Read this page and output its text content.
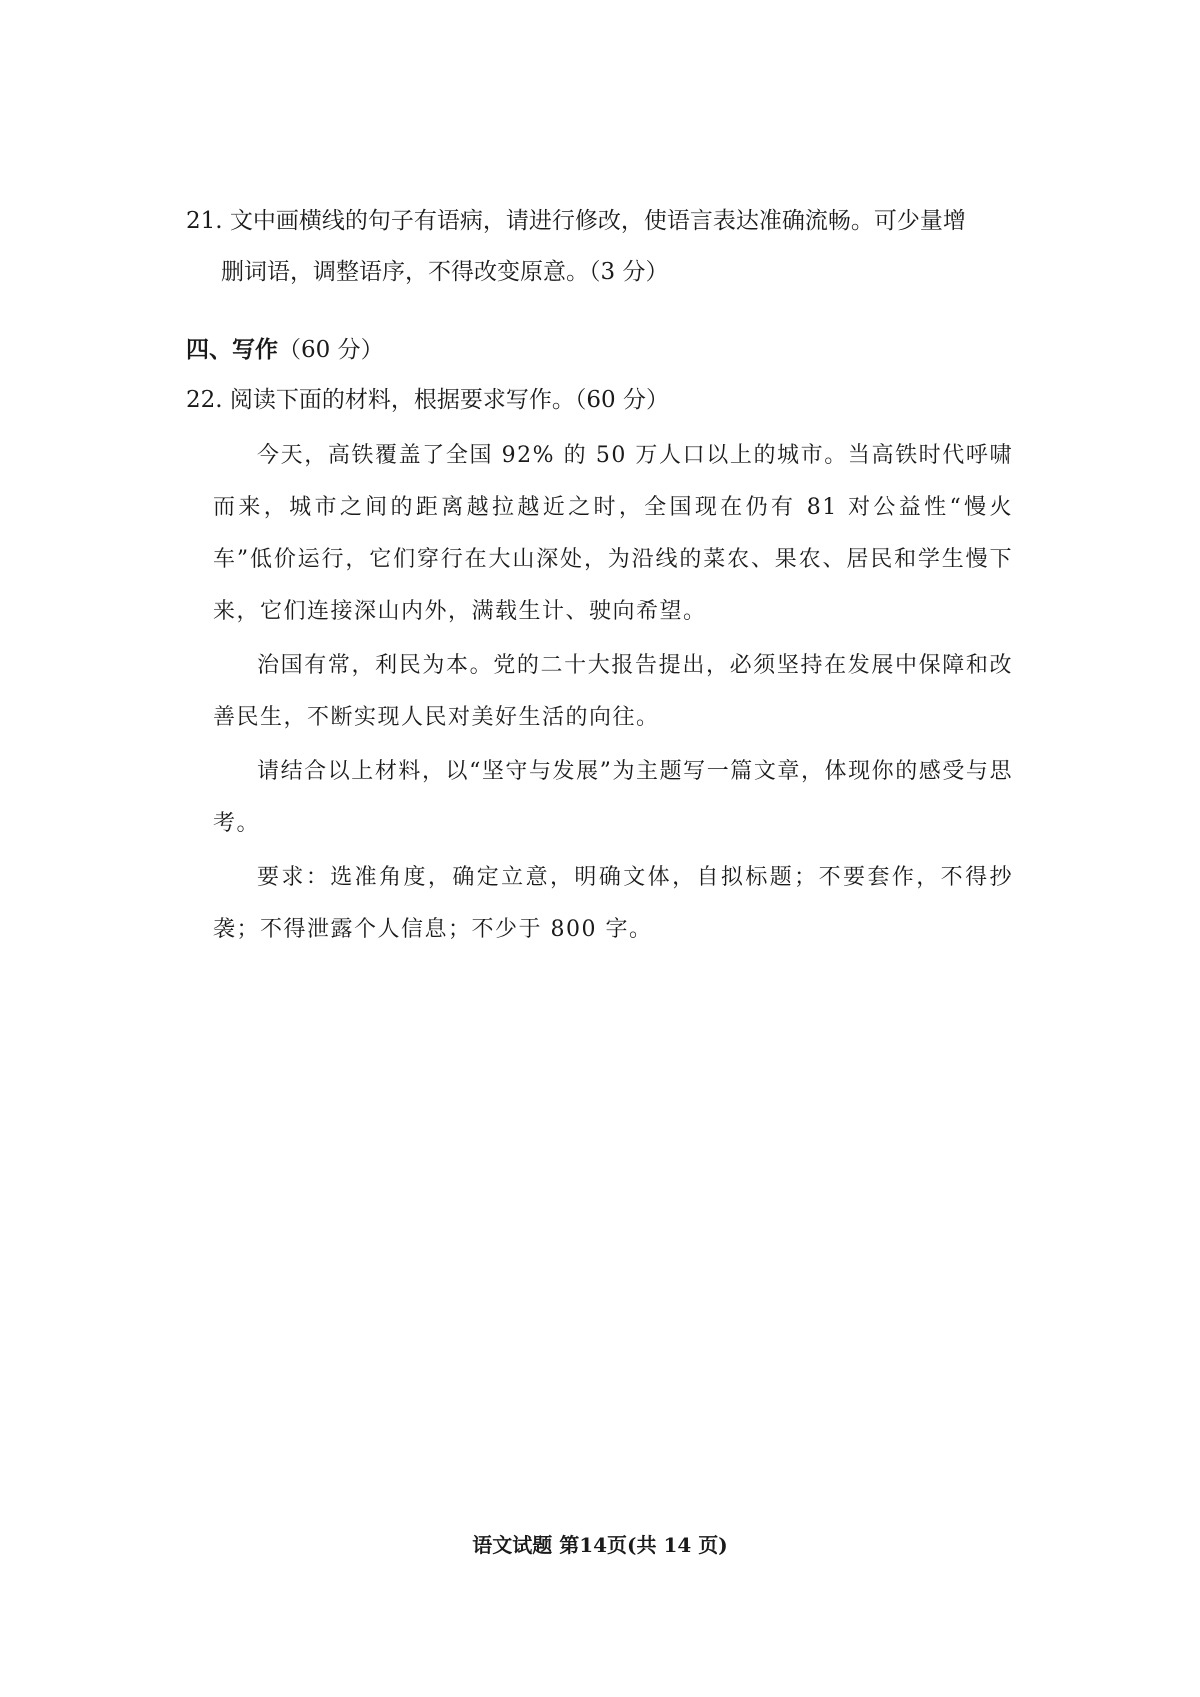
21. 文中画横线的句子有语病，请进行修改，使语言表达准确流畅。可少量增
删词语，调整语序，不得改变原意。（3 分）
四、写作（60 分）
22. 阅读下面的材料，根据要求写作。（60 分）

今天，高铁覆盖了全国 92% 的 50 万人口以上的城市。当高铁时代呼啸而来，城市之间的距离越拉越近之时，全国现在仍有 81 对公益性“慢火车”低价运行，它们穿行在大山深处，为沿线的菜农、果农、居民和学生慢下来，它们连接深山内外，满载生计、驶向希望。

治国有常，利民为本。党的二十大报告提出，必须坚持在发展中保障和改善民生，不断实现人民对美好生活的向往。

请结合以上材料，以“坚守与发展”为主题写一篇文章，体现你的感受与思考。

要求：选准角度，确定立意，明确文体，自拟标题；不要套作，不得抄袭；不得泄露个人信息；不少于 800 字。

语文试题 第14页(共 14 页)
